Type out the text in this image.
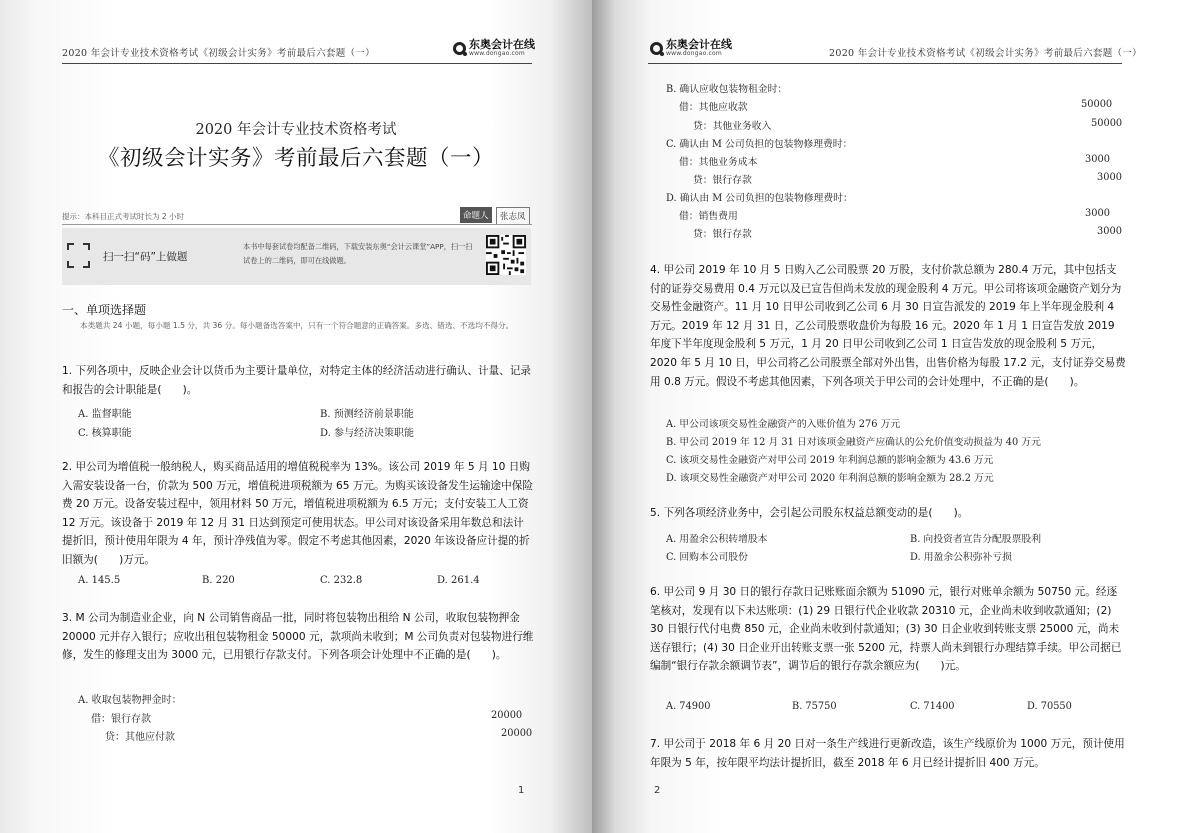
2020 年会计专业技术资格考试《初级会计实务》考前最后六套题（一）
东奥会计在线
www.dongao.com
2020 年会计专业技术资格考试
《初级会计实务》考前最后六套题（一）
提示：本科目正式考试时长为 2 小时	命题人	张志凤
扫一扫“码”上做题
本书中每套试卷均配备二维码，下载安装东奥“会计云课堂”APP，扫一扫试卷上的二维码，即可在线做题。
一、单项选择题
本类题共 24 小题，每小题 1.5 分，共 36 分。每小题备选答案中，只有一个符合题意的正确答案。多选、错选、不选均不得分。
1. 下列各项中，反映企业会计以货币为主要计量单位，对特定主体的经济活动进行确认、计量、记录和报告的会计职能是(　　)。
A. 监督职能	B. 预测经济前景职能
C. 核算职能	D. 参与经济决策职能
2. 甲公司为增值税一般纳税人，购买商品适用的增值税税率为 13%。该公司 2019 年 5 月 10 日购入需安装设备一台，价款为 500 万元，增值税进项税额为 65 万元。为购买该设备发生运输途中保险费 20 万元。设备安装过程中，领用材料 50 万元，增值税进项税额为 6.5 万元；支付安装工人工资 12 万元。该设备于 2019 年 12 月 31 日达到预定可使用状态。甲公司对该设备采用年数总和法计提折旧，预计使用年限为 4 年，预计净残值为零。假定不考虑其他因素，2020 年该设备应计提的折旧额为(　　)万元。
A. 145.5	B. 220	C. 232.8	D. 261.4
3. M 公司为制造业企业，向 N 公司销售商品一批，同时将包装物出租给 N 公司，收取包装物押金 20000 元并存入银行；应收出租包装物租金 50000 元，款项尚未收到；M 公司负责对包装物进行维修，发生的修理支出为 3000 元，已用银行存款支付。下列各项会计处理中不正确的是(　　)。
A. 收取包装物押金时：
借：银行存款	20000
贷：其他应付款	20000
1
东奥会计在线
www.dongao.com	2020 年会计专业技术资格考试《初级会计实务》考前最后六套题（一）
B. 确认应收包装物租金时：
借：其他应收款	50000
贷：其他业务收入	50000
C. 确认由 M 公司负担的包装物修理费时：
借：其他业务成本	3000
贷：银行存款	3000
D. 确认由 M 公司负担的包装物修理费时：
借：销售费用	3000
贷：银行存款	3000
4. 甲公司 2019 年 10 月 5 日购入乙公司股票 20 万股，支付价款总额为 280.4 万元，其中包括支付的证券交易费用 0.4 万元以及已宣告但尚未发放的现金股利 4 万元。甲公司将该项金融资产划分为交易性金融资产。11 月 10 日甲公司收到乙公司 6 月 30 日宣告派发的 2019 年上半年现金股利 4 万元。2019 年 12 月 31 日，乙公司股票收盘价为每股 16 元。2020 年 1 月 1 日宣告发放 2019 年度下半年度现金股利 5 万元，1 月 20 日甲公司收到乙公司 1 日宣告发放的现金股利 5 万元，2020 年 5 月 10 日，甲公司将乙公司股票全部对外出售，出售价格为每股 17.2 元，支付证券交易费用 0.8 万元。假设不考虑其他因素，下列各项关于甲公司的会计处理中，不正确的是(　　)。
A. 甲公司该项交易性金融资产的入账价值为 276 万元
B. 甲公司 2019 年 12 月 31 日对该项金融资产应确认的公允价值变动损益为 40 万元
C. 该项交易性金融资产对甲公司 2019 年利润总额的影响金额为 43.6 万元
D. 该项交易性金融资产对甲公司 2020 年利润总额的影响金额为 28.2 万元
5. 下列各项经济业务中，会引起公司股东权益总额变动的是(　　)。
A. 用盈余公积转增股本	B. 向投资者宣告分配股票股利
C. 回购本公司股份	D. 用盈余公积弥补亏损
6. 甲公司 9 月 30 日的银行存款日记账账面余额为 51090 元，银行对账单余额为 50750 元。经逐笔核对，发现有以下未达账项：(1) 29 日银行代企业收款 20310 元，企业尚未收到收款通知；(2) 30 日银行代付电费 850 元，企业尚未收到付款通知；(3) 30 日企业收到转账支票 25000 元，尚未送存银行；(4) 30 日企业开出转账支票一张 5200 元，持票人尚未到银行办理结算手续。甲公司据已编制“银行存款余额调节表”，调节后的银行存款余额应为(　　)元。
A. 74900	B. 75750	C. 71400	D. 70550
7. 甲公司于 2018 年 6 月 20 日对一条生产线进行更新改造，该生产线原价为 1000 万元，预计使用年限为 5 年，按年限平均法计提折旧，截至 2018 年 6 月已经计提折旧 400 万元。
2
